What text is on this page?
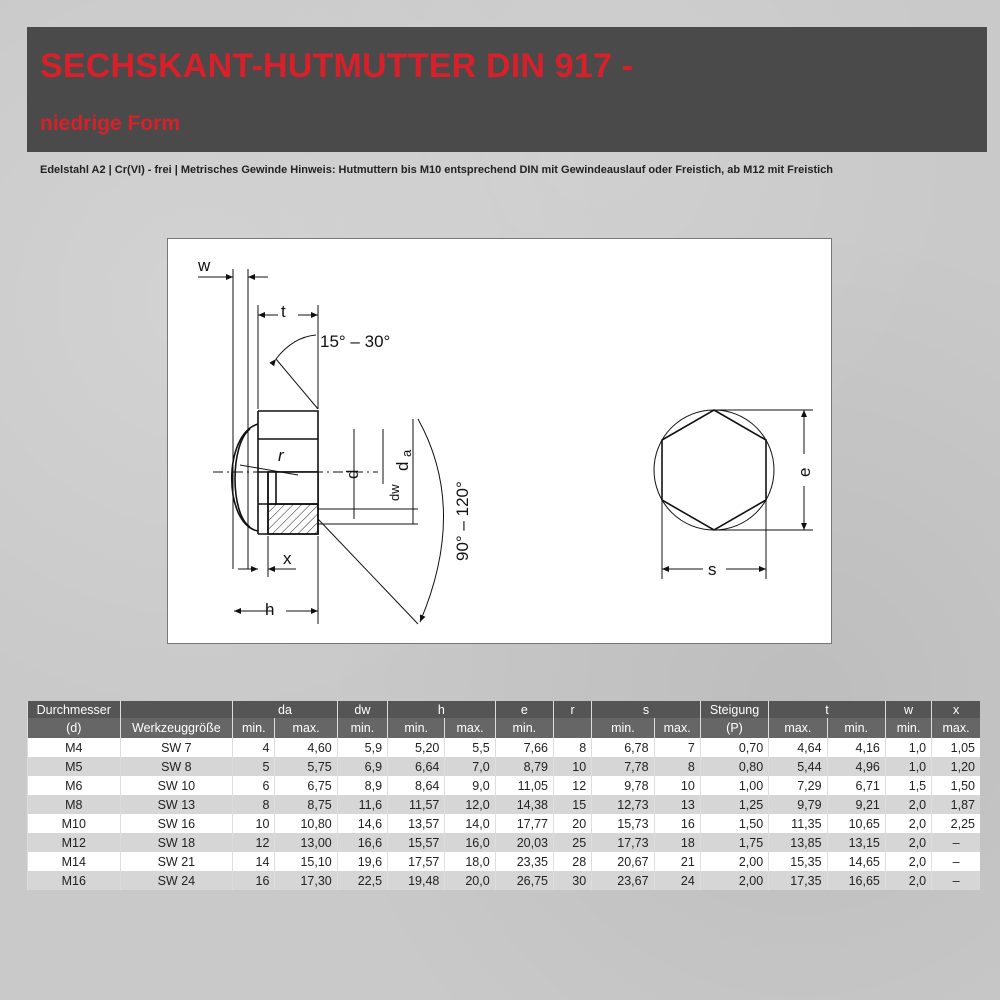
SECHSKANT-HUTMUTTER DIN 917 -
niedrige Form
Edelstahl A2 | Cr(VI) - frei | Metrisches Gewinde Hinweis: Hutmuttern bis M10 entsprechend DIN mit Gewindeauslauf oder Freistich, ab M12 mit Freistich
w
t
15° – 30°
r
d
dw
d
a
90° – 120°
x
h
e
s
Durchmesser		da		dw	h		e	r	s		Steigung	t		w	x
(d)	Werkzeuggröße	min.	max.	min.	min.	max.	min.		min.	max.	(P)	max.	min.	min.	max.
M4	SW 7	4	4,60	5,9	5,20	5,5	7,66	8	6,78	7	0,70	4,64	4,16	1,0	1,05
M5	SW 8	5	5,75	6,9	6,64	7,0	8,79	10	7,78	8	0,80	5,44	4,96	1,0	1,20
M6	SW 10	6	6,75	8,9	8,64	9,0	11,05	12	9,78	10	1,00	7,29	6,71	1,5	1,50
M8	SW 13	8	8,75	11,6	11,57	12,0	14,38	15	12,73	13	1,25	9,79	9,21	2,0	1,87
M10	SW 16	10	10,80	14,6	13,57	14,0	17,77	20	15,73	16	1,50	11,35	10,65	2,0	2,25
M12	SW 18	12	13,00	16,6	15,57	16,0	20,03	25	17,73	18	1,75	13,85	13,15	2,0	–
M14	SW 21	14	15,10	19,6	17,57	18,0	23,35	28	20,67	21	2,00	15,35	14,65	2,0	–
M16	SW 24	16	17,30	22,5	19,48	20,0	26,75	30	23,67	24	2,00	17,35	16,65	2,0	–
